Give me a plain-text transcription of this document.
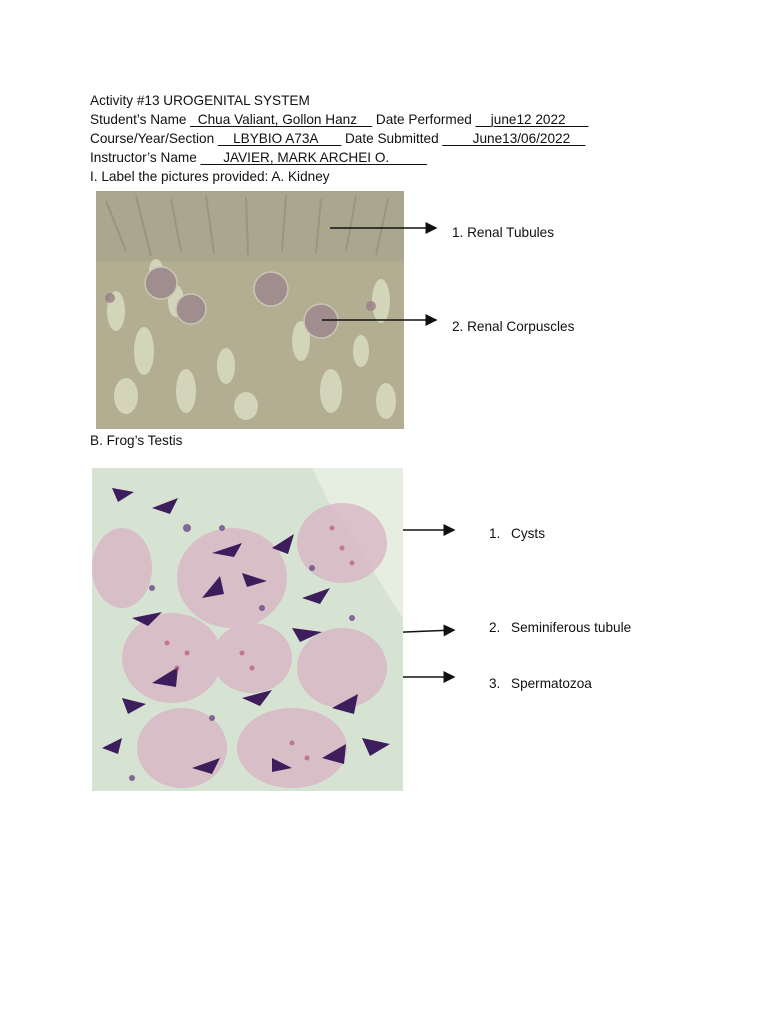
Activity #13 UROGENITAL SYSTEM
Student’s Name _Chua Valiant, Gollon Hanz__ Date Performed __june12 2022___
Course/Year/Section __LBYBIO A73A___ Date Submitted ____June13/06/2022__
Instructor’s Name ___JAVIER, MARK ARCHEI O._____
I. Label the pictures provided: A. Kidney
1. Renal Tubules
2. Renal Corpuscles
B. Frog’s Testis
1. Cysts
2. Seminiferous tubule
3. Spermatozoa
